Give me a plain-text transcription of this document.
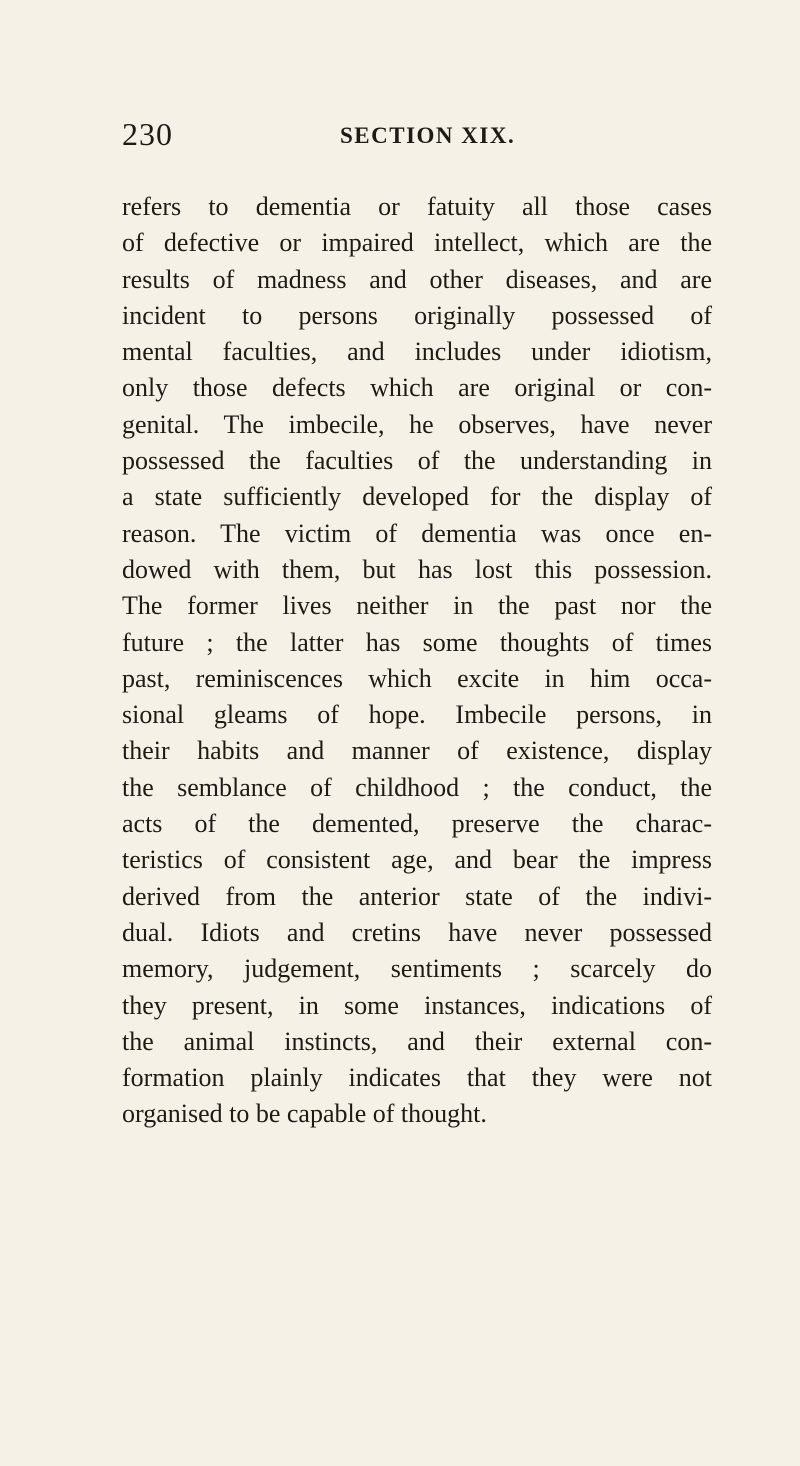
230	SECTION XIX.
refers to dementia or fatuity all those cases
of defective or impaired intellect, which are the
results of madness and other diseases, and are
incident to persons originally possessed of
mental faculties, and includes under idiotism,
only those defects which are original or con-
genital. The imbecile, he observes, have never
possessed the faculties of the understanding in
a state sufficiently developed for the display of
reason. The victim of dementia was once en-
dowed with them, but has lost this possession.
The former lives neither in the past nor the
future ; the latter has some thoughts of times
past, reminiscences which excite in him occa-
sional gleams of hope. Imbecile persons, in
their habits and manner of existence, display
the semblance of childhood ; the conduct, the
acts of the demented, preserve the charac-
teristics of consistent age, and bear the impress
derived from the anterior state of the indivi-
dual. Idiots and cretins have never possessed
memory, judgement, sentiments ; scarcely do
they present, in some instances, indications of
the animal instincts, and their external con-
formation plainly indicates that they were not
organised to be capable of thought.
